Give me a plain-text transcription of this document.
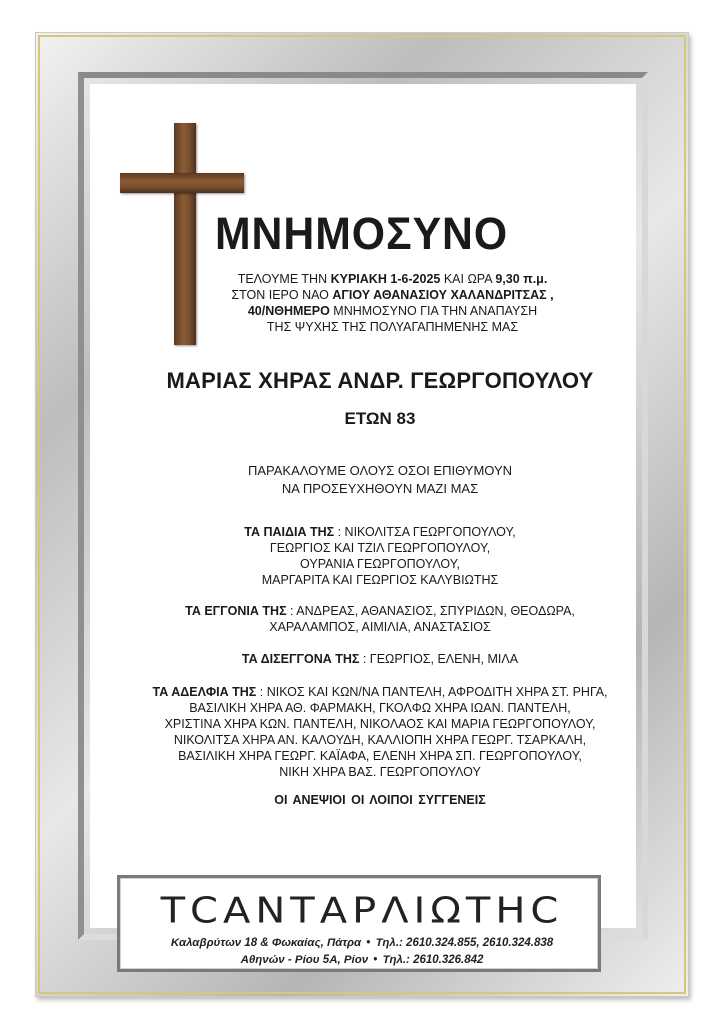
ΜΝΗΜΟΣΥΝΟ
ΤΕΛΟΥΜΕ ΤΗΝ ΚΥΡΙΑΚΗ 1-6-2025 ΚΑΙ ΩΡΑ 9,30 π.μ.
ΣΤΟΝ ΙΕΡΟ ΝΑΟ ΑΓΙΟΥ ΑΘΑΝΑΣΙΟΥ ΧΑΛΑΝΔΡΙΤΣΑΣ ,
40/ΝΘΗΜΕΡΟ ΜΝΗΜΟΣΥΝΟ ΓΙΑ ΤΗΝ ΑΝΑΠΑΥΣΗ
ΤΗΣ ΨΥΧΗΣ ΤΗΣ ΠΟΛΥΑΓΑΠΗΜΕΝΗΣ ΜΑΣ
ΜΑΡΙΑΣ ΧΗΡΑΣ ΑΝΔΡ. ΓΕΩΡΓΟΠΟΥΛΟΥ
ΕΤΩΝ 83
ΠΑΡΑΚΑΛΟΥΜΕ ΟΛΟΥΣ ΟΣΟΙ ΕΠΙΘΥΜΟΥΝ
ΝΑ ΠΡΟΣΕΥΧΗΘΟΥΝ ΜΑΖΙ ΜΑΣ
ΤΑ ΠΑΙΔΙΑ ΤΗΣ : ΝΙΚΟΛΙΤΣΑ ΓΕΩΡΓΟΠΟΥΛΟΥ,
ΓΕΩΡΓΙΟΣ ΚΑΙ ΤΖΙΛ ΓΕΩΡΓΟΠΟΥΛΟΥ,
ΟΥΡΑΝΙΑ ΓΕΩΡΓΟΠΟΥΛΟΥ,
ΜΑΡΓΑΡΙΤΑ ΚΑΙ ΓΕΩΡΓΙΟΣ ΚΑΛΥΒΙΩΤΗΣ
ΤΑ ΕΓΓΟΝΙΑ ΤΗΣ : ΑΝΔΡΕΑΣ, ΑΘΑΝΑΣΙΟΣ, ΣΠΥΡΙΔΩΝ, ΘΕΟΔΩΡΑ,
ΧΑΡΑΛΑΜΠΟΣ, ΑΙΜΙΛΙΑ, ΑΝΑΣΤΑΣΙΟΣ
ΤΑ ΔΙΣΕΓΓΟΝΑ ΤΗΣ : ΓΕΩΡΓΙΟΣ, ΕΛΕΝΗ, ΜΙΛΑ
ΤΑ ΑΔΕΛΦΙΑ ΤΗΣ : ΝΙΚΟΣ ΚΑΙ ΚΩΝ/ΝΑ ΠΑΝΤΕΛΗ, ΑΦΡΟΔΙΤΗ ΧΗΡΑ ΣΤ. ΡΗΓΑ,
ΒΑΣΙΛΙΚΗ ΧΗΡΑ ΑΘ. ΦΑΡΜΑΚΗ, ΓΚΟΛΦΩ ΧΗΡΑ ΙΩΑΝ. ΠΑΝΤΕΛΗ,
ΧΡΙΣΤΙΝΑ ΧΗΡΑ ΚΩΝ. ΠΑΝΤΕΛΗ, ΝΙΚΟΛΑΟΣ ΚΑΙ ΜΑΡΙΑ ΓΕΩΡΓΟΠΟΥΛΟΥ,
ΝΙΚΟΛΙΤΣΑ ΧΗΡΑ ΑΝ. ΚΑΛΟΥΔΗ, ΚΑΛΛΙΟΠΗ ΧΗΡΑ ΓΕΩΡΓ. ΤΣΑΡΚΑΛΗ,
ΒΑΣΙΛΙΚΗ ΧΗΡΑ ΓΕΩΡΓ. ΚΑΪΑΦΑ, ΕΛΕΝΗ ΧΗΡΑ ΣΠ. ΓΕΩΡΓΟΠΟΥΛΟΥ,
ΝΙΚΗ ΧΗΡΑ ΒΑΣ. ΓΕΩΡΓΟΠΟΥΛΟΥ
ΟΙ ΑΝΕΨΙΟΙ ΟΙ ΛΟΙΠΟΙ ΣΥΓΓΕΝΕΙΣ
ΤCΑΝΤΑΡΛΙΩΤΗC
Καλαβρύτων 18 & Φωκαίας, Πάτρα • Τηλ.: 2610.324.855, 2610.324.838
Αθηνών - Ρίου 5Α, Ρίον • Τηλ.: 2610.326.842
